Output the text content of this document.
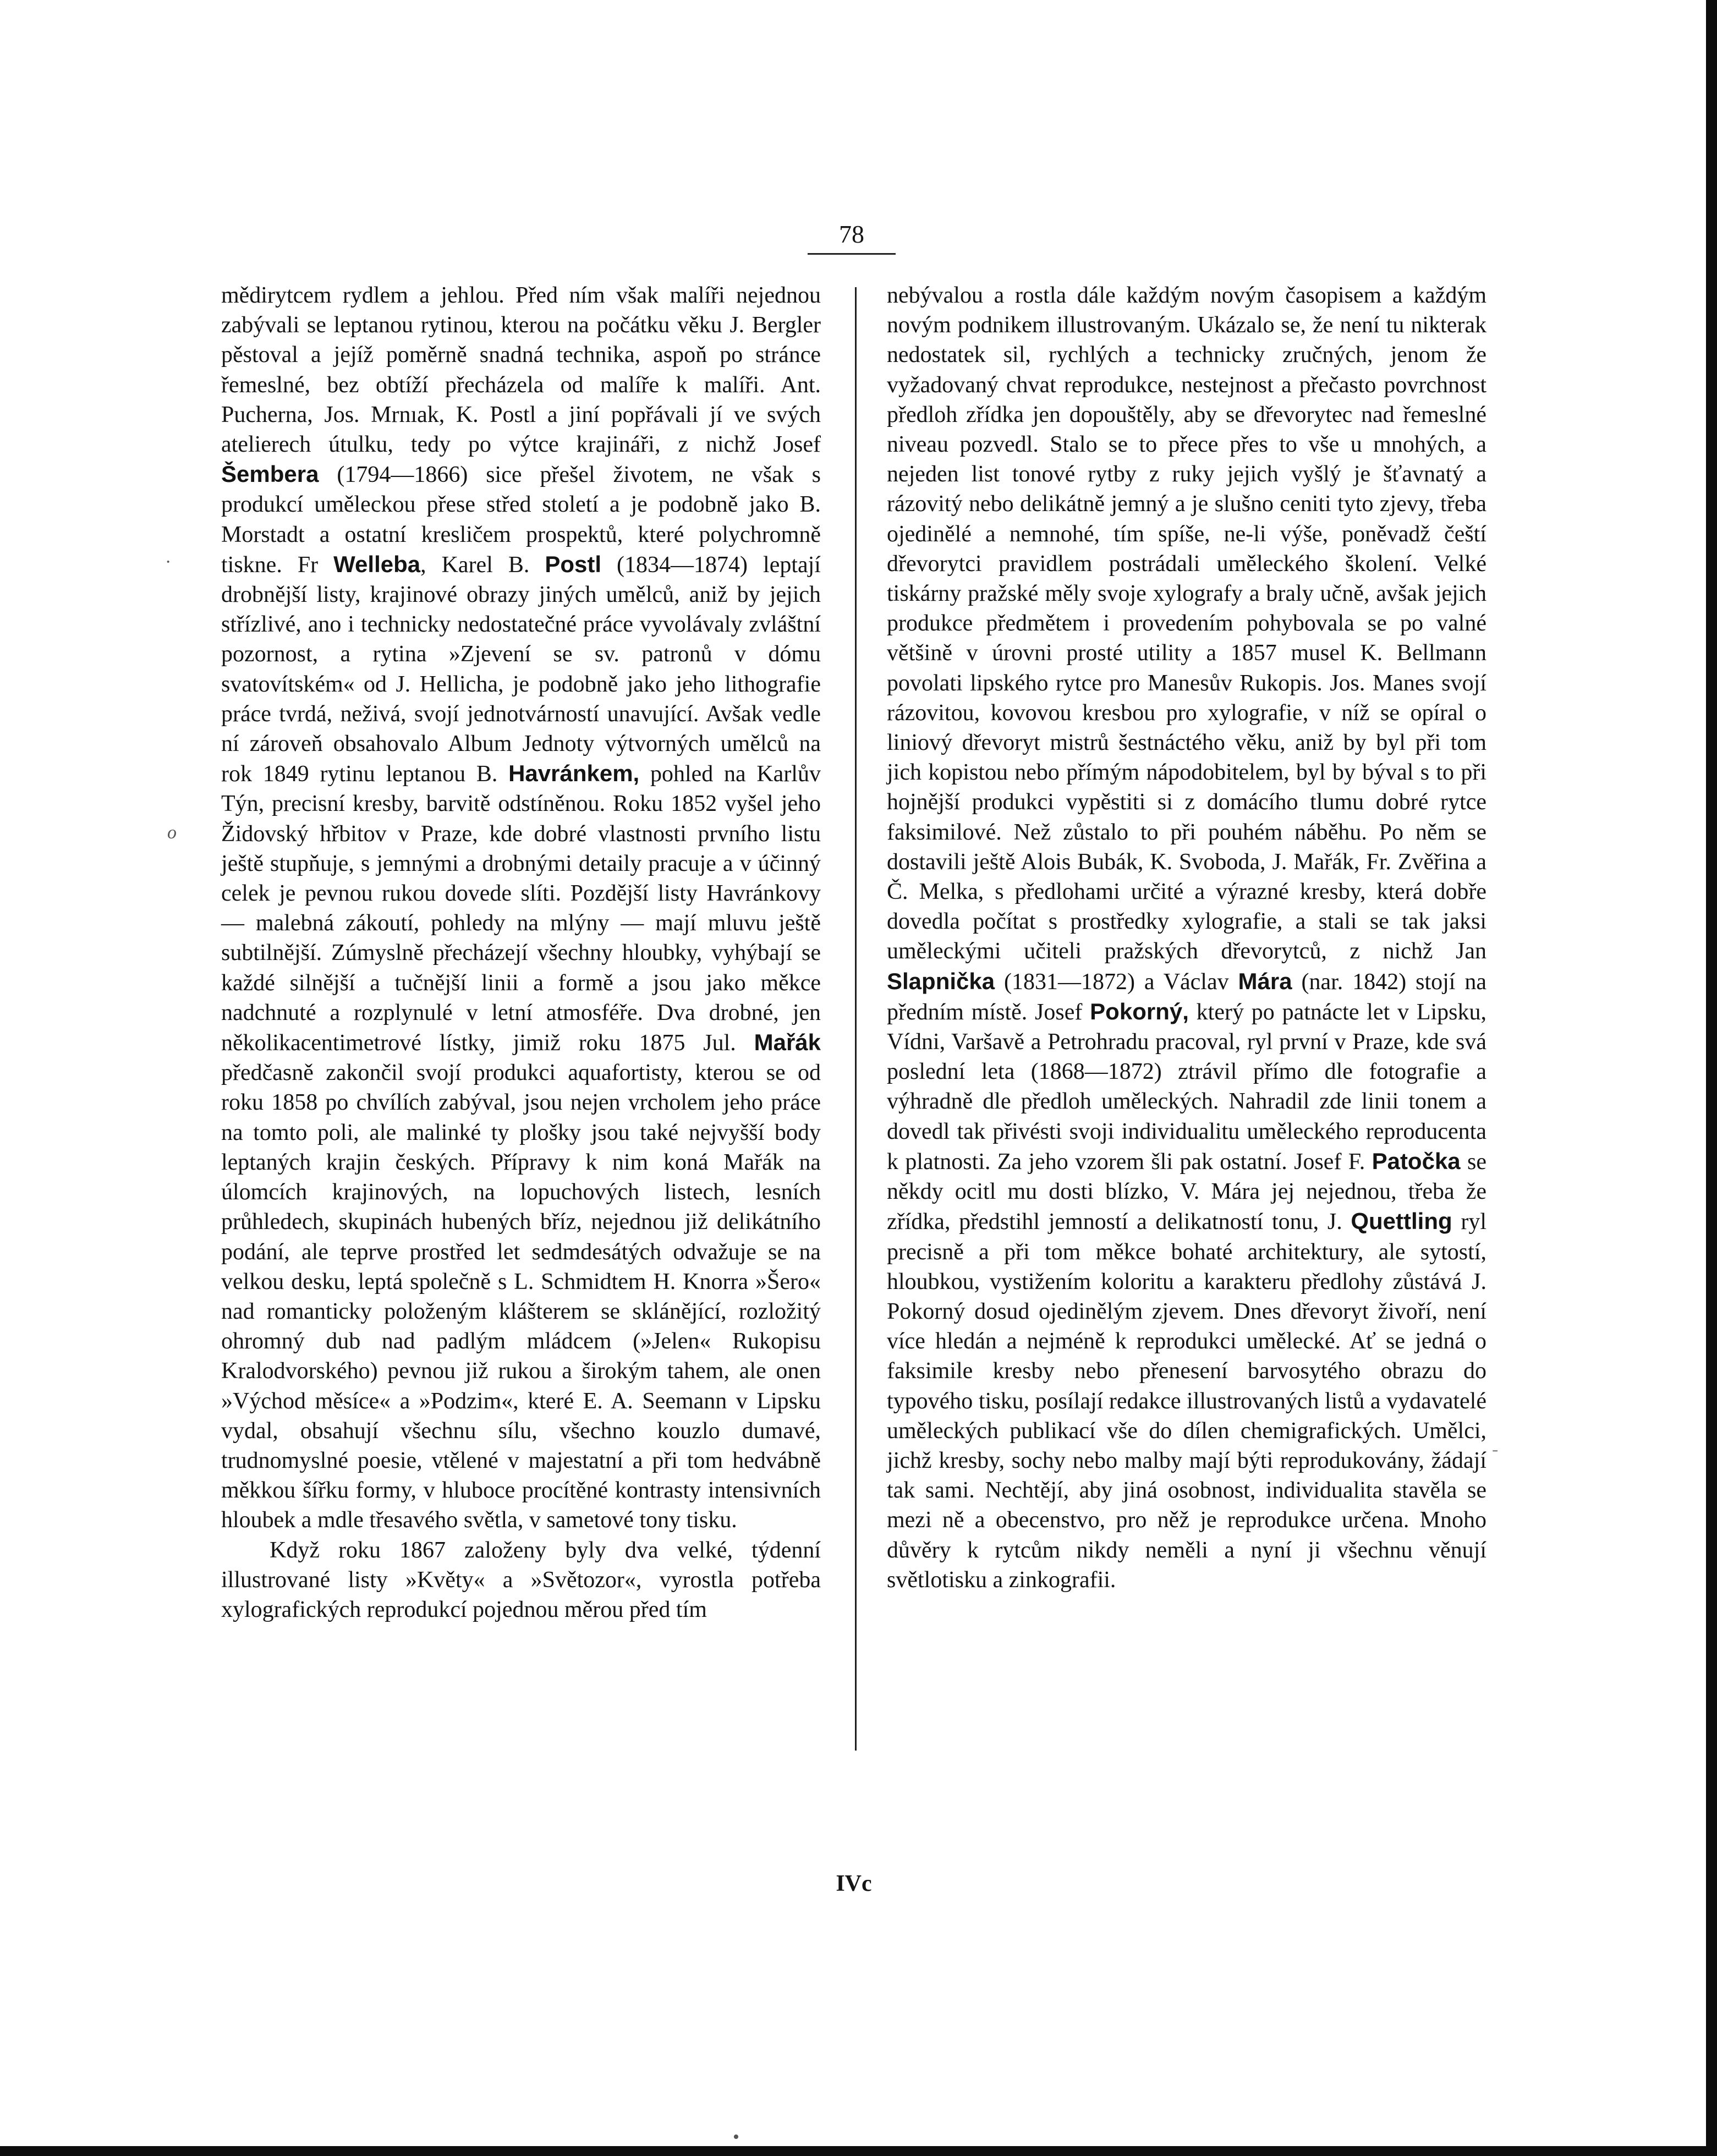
78

mědirytcem rydlem a jehlou. Před ním však malíři nejednou zabývali se leptanou rytinou, kterou na počátku věku J. Bergler pěstoval a jejíž poměrně snadná technika, aspoň po stránce řemeslné, bez obtíží přecházela od malíře k malíři. Ant. Pucherna, Jos. Mrnıak, K. Postl a jiní popřávali jí ve svých atelierech útulku, tedy po výtce krajináři, z nichž Josef Šembera (1794—1866) sice přešel životem, ne však s produkcí uměleckou přese střed století a je podobně jako B. Morstadt a ostatní kresličem prospektů, které polychromně tiskne. Fr Welleba, Karel B. Postl (1834—1874) leptají drobnější listy, krajinové obrazy jiných umělců, aniž by jejich střízlivé, ano i technicky nedostatečné práce vyvolávaly zvláštní pozornost, a rytina »Zjevení se sv. patronů v dómu svatovítském« od J. Hellicha, je podobně jako jeho lithografie práce tvrdá, neživá, svojí jednotvárností unavující. Avšak vedle ní zároveň obsahovalo Album Jednoty výtvorných umělců na rok 1849 rytinu leptanou B. Havránkem, pohled na Karlův Týn, precisní kresby, barvitě odstíněnou. Roku 1852 vyšel jeho Židovský hřbitov v Praze, kde dobré vlastnosti prvního listu ještě stupňuje, s jemnými a drobnými detaily pracuje a v účinný celek je pevnou rukou dovede slíti. Pozdější listy Havránkovy — malebná zákoutí, pohledy na mlýny — mají mluvu ještě subtilnější. Zúmyslně přecházejí všechny hloubky, vyhýbají se každé silnější a tučnější linii a formě a jsou jako měkce nadchnuté a rozplynulé v letní atmosféře. Dva drobné, jen několikacentimetrové lístky, jimiž roku 1875 Jul. Mařák předčasně zakončil svojí produkci aquafortisty, kterou se od roku 1858 po chvílích zabýval, jsou nejen vrcholem jeho práce na tomto poli, ale malinké ty plošky jsou také nejvyšší body leptaných krajin českých. Přípravy k nim koná Mařák na úlomcích krajinových, na lopuchových listech, lesních průhledech, skupinách hubených bříz, nejednou již delikátního podání, ale teprve prostřed let sedmdesátých odvažuje se na velkou desku, leptá společně s L. Schmidtem H. Knorra »Šero« nad romanticky položeným klášterem se sklánějící, rozložitý ohromný dub nad padlým mládcem (»Jelen« Rukopisu Kralodvorského) pevnou již rukou a širokým tahem, ale onen »Východ měsíce« a »Podzim«, které E. A. Seemann v Lipsku vydal, obsahují všechnu sílu, všechno kouzlo dumavé, trudnomyslné poesie, vtělené v majestatní a při tom hedvábně měkkou šířku formy, v hluboce procítěné kontrasty intensivních hloubek a mdle třesavého světla, v sametové tony tisku.

Když roku 1867 založeny byly dva velké, týdenní illustrované listy »Květy« a »Světozor«, vyrostla potřeba xylografických reprodukcí pojednou měrou před tím

nebývalou a rostla dále každým novým časopisem a každým novým podnikem illustrovaným. Ukázalo se, že není tu nikterak nedostatek sil, rychlých a technicky zručných, jenom že vyžadovaný chvat reprodukce, nestejnost a přečasto povrchnost předloh zřídka jen dopouštěly, aby se dřevorytec nad řemeslné niveau pozvedl. Stalo se to přece přes to vše u mnohých, a nejeden list tonové rytby z ruky jejich vyšlý je šťavnatý a rázovitý nebo delikátně jemný a je slušno ceniti tyto zjevy, třeba ojedinělé a nemnohé, tím spíše, ne-li výše, poněvadž čeští dřevorytci pravidlem postrádali uměleckého školení. Velké tiskárny pražské měly svoje xylografy a braly učně, avšak jejich produkce předmětem i provedením pohybovala se po valné většině v úrovni prosté utility a 1857 musel K. Bellmann povolati lipského rytce pro Manesův Rukopis. Jos. Manes svojí rázovitou, kovovou kresbou pro xylografie, v níž se opíral o liniový dřevoryt mistrů šestnáctého věku, aniž by byl při tom jich kopistou nebo přímým nápodobitelem, byl by býval s to při hojnější produkci vypěstiti si z domácího tlumu dobré rytce faksimilové. Než zůstalo to při pouhém náběhu. Po něm se dostavili ještě Alois Bubák, K. Svoboda, J. Mařák, Fr. Zvěřina a Č. Melka, s předlohami určité a výrazné kresby, která dobře dovedla počítat s prostředky xylografie, a stali se tak jaksi uměleckými učiteli pražských dřevorytců, z nichž Jan Slapnička (1831—1872) a Václav Mára (nar. 1842) stojí na předním místě. Josef Pokorný, který po patnácte let v Lipsku, Vídni, Varšavě a Petrohradu pracoval, ryl první v Praze, kde svá poslední leta (1868—1872) ztrávil přímo dle fotografie a výhradně dle předloh uměleckých. Nahradil zde linii tonem a dovedl tak přivésti svoji individualitu uměleckého reproducenta k platnosti. Za jeho vzorem šli pak ostatní. Josef F. Patočka se někdy ocitl mu dosti blízko, V. Mára jej nejednou, třeba že zřídka, předstihl jemností a delikatností tonu, J. Quettling ryl precisně a při tom měkce bohaté architektury, ale sytostí, hloubkou, vystižením koloritu a karakteru předlohy zůstává J. Pokorný dosud ojedinělým zjevem. Dnes dřevoryt živoří, není více hledán a nejméně k reprodukci umělecké. Ať se jedná o faksimile kresby nebo přenesení barvosytého obrazu do typového tisku, posílají redakce illustrovaných listů a vydavatelé uměleckých publikací vše do dílen chemigrafických. Umělci, jichž kresby, sochy nebo malby mají býti reprodukovány, žádají tak sami. Nechtějí, aby jiná osobnost, individualita stavěla se mezi ně a obecenstvo, pro něž je reprodukce určena. Mnoho důvěry k rytcům nikdy neměli a nyní ji všechnu věnují světlotisku a zinkografii.

IVc
·
o
•
-
